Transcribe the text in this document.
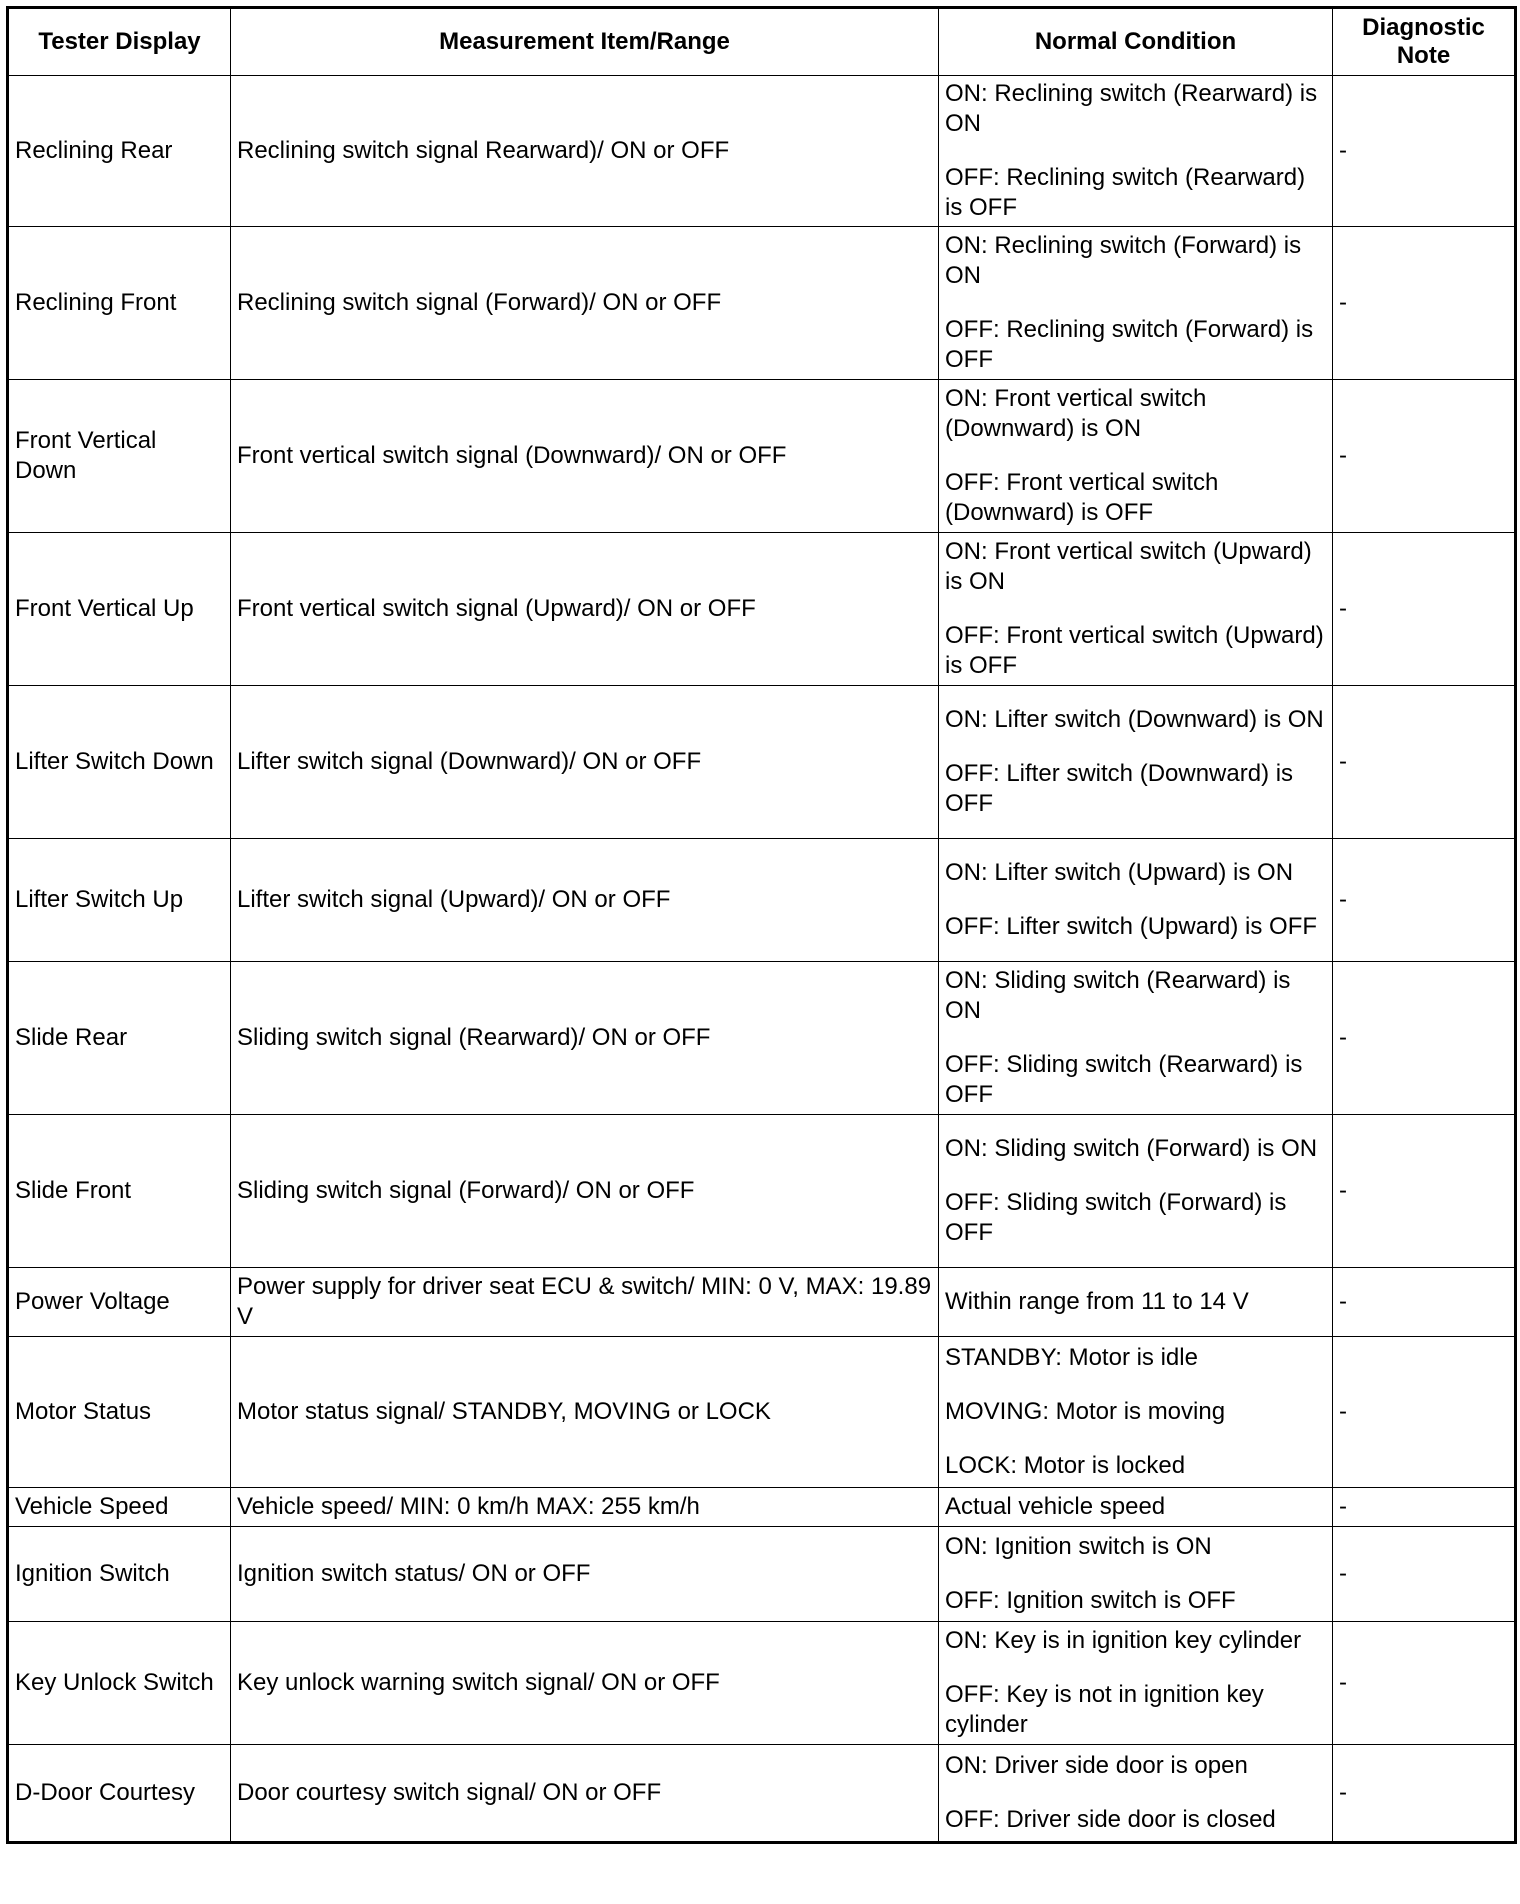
Tester Display	Measurement Item/Range	Normal Condition	Diagnostic Note
Reclining Rear	Reclining switch signal Rearward)/ ON or OFF	ON: Reclining switch (Rearward) is ON

OFF: Reclining switch (Rearward) is OFF	-
Reclining Front	Reclining switch signal (Forward)/ ON or OFF	ON: Reclining switch (Forward) is ON

OFF: Reclining switch (Forward) is OFF	-
Front Vertical Down	Front vertical switch signal (Downward)/ ON or OFF	ON: Front vertical switch (Downward) is ON

OFF: Front vertical switch (Downward) is OFF	-
Front Vertical Up	Front vertical switch signal (Upward)/ ON or OFF	ON: Front vertical switch (Upward) is ON

OFF: Front vertical switch (Upward) is OFF	-
Lifter Switch Down	Lifter switch signal (Downward)/ ON or OFF	ON: Lifter switch (Downward) is ON

OFF: Lifter switch (Downward) is OFF	-
Lifter Switch Up	Lifter switch signal (Upward)/ ON or OFF	ON: Lifter switch (Upward) is ON

OFF: Lifter switch (Upward) is OFF	-
Slide Rear	Sliding switch signal (Rearward)/ ON or OFF	ON: Sliding switch (Rearward) is ON

OFF: Sliding switch (Rearward) is OFF	-
Slide Front	Sliding switch signal (Forward)/ ON or OFF	ON: Sliding switch (Forward) is ON

OFF: Sliding switch (Forward) is OFF	-
Power Voltage	Power supply for driver seat ECU & switch/ MIN: 0 V, MAX: 19.89 V	Within range from 11 to 14 V	-
Motor Status	Motor status signal/ STANDBY, MOVING or LOCK	STANDBY: Motor is idle

MOVING: Motor is moving

LOCK: Motor is locked	-
Vehicle Speed	Vehicle speed/ MIN: 0 km/h MAX: 255 km/h	Actual vehicle speed	-
Ignition Switch	Ignition switch status/ ON or OFF	ON: Ignition switch is ON

OFF: Ignition switch is OFF	-
Key Unlock Switch	Key unlock warning switch signal/ ON or OFF	ON: Key is in ignition key cylinder

OFF: Key is not in ignition key cylinder	-
D-Door Courtesy	Door courtesy switch signal/ ON or OFF	ON: Driver side door is open

OFF: Driver side door is closed	-
